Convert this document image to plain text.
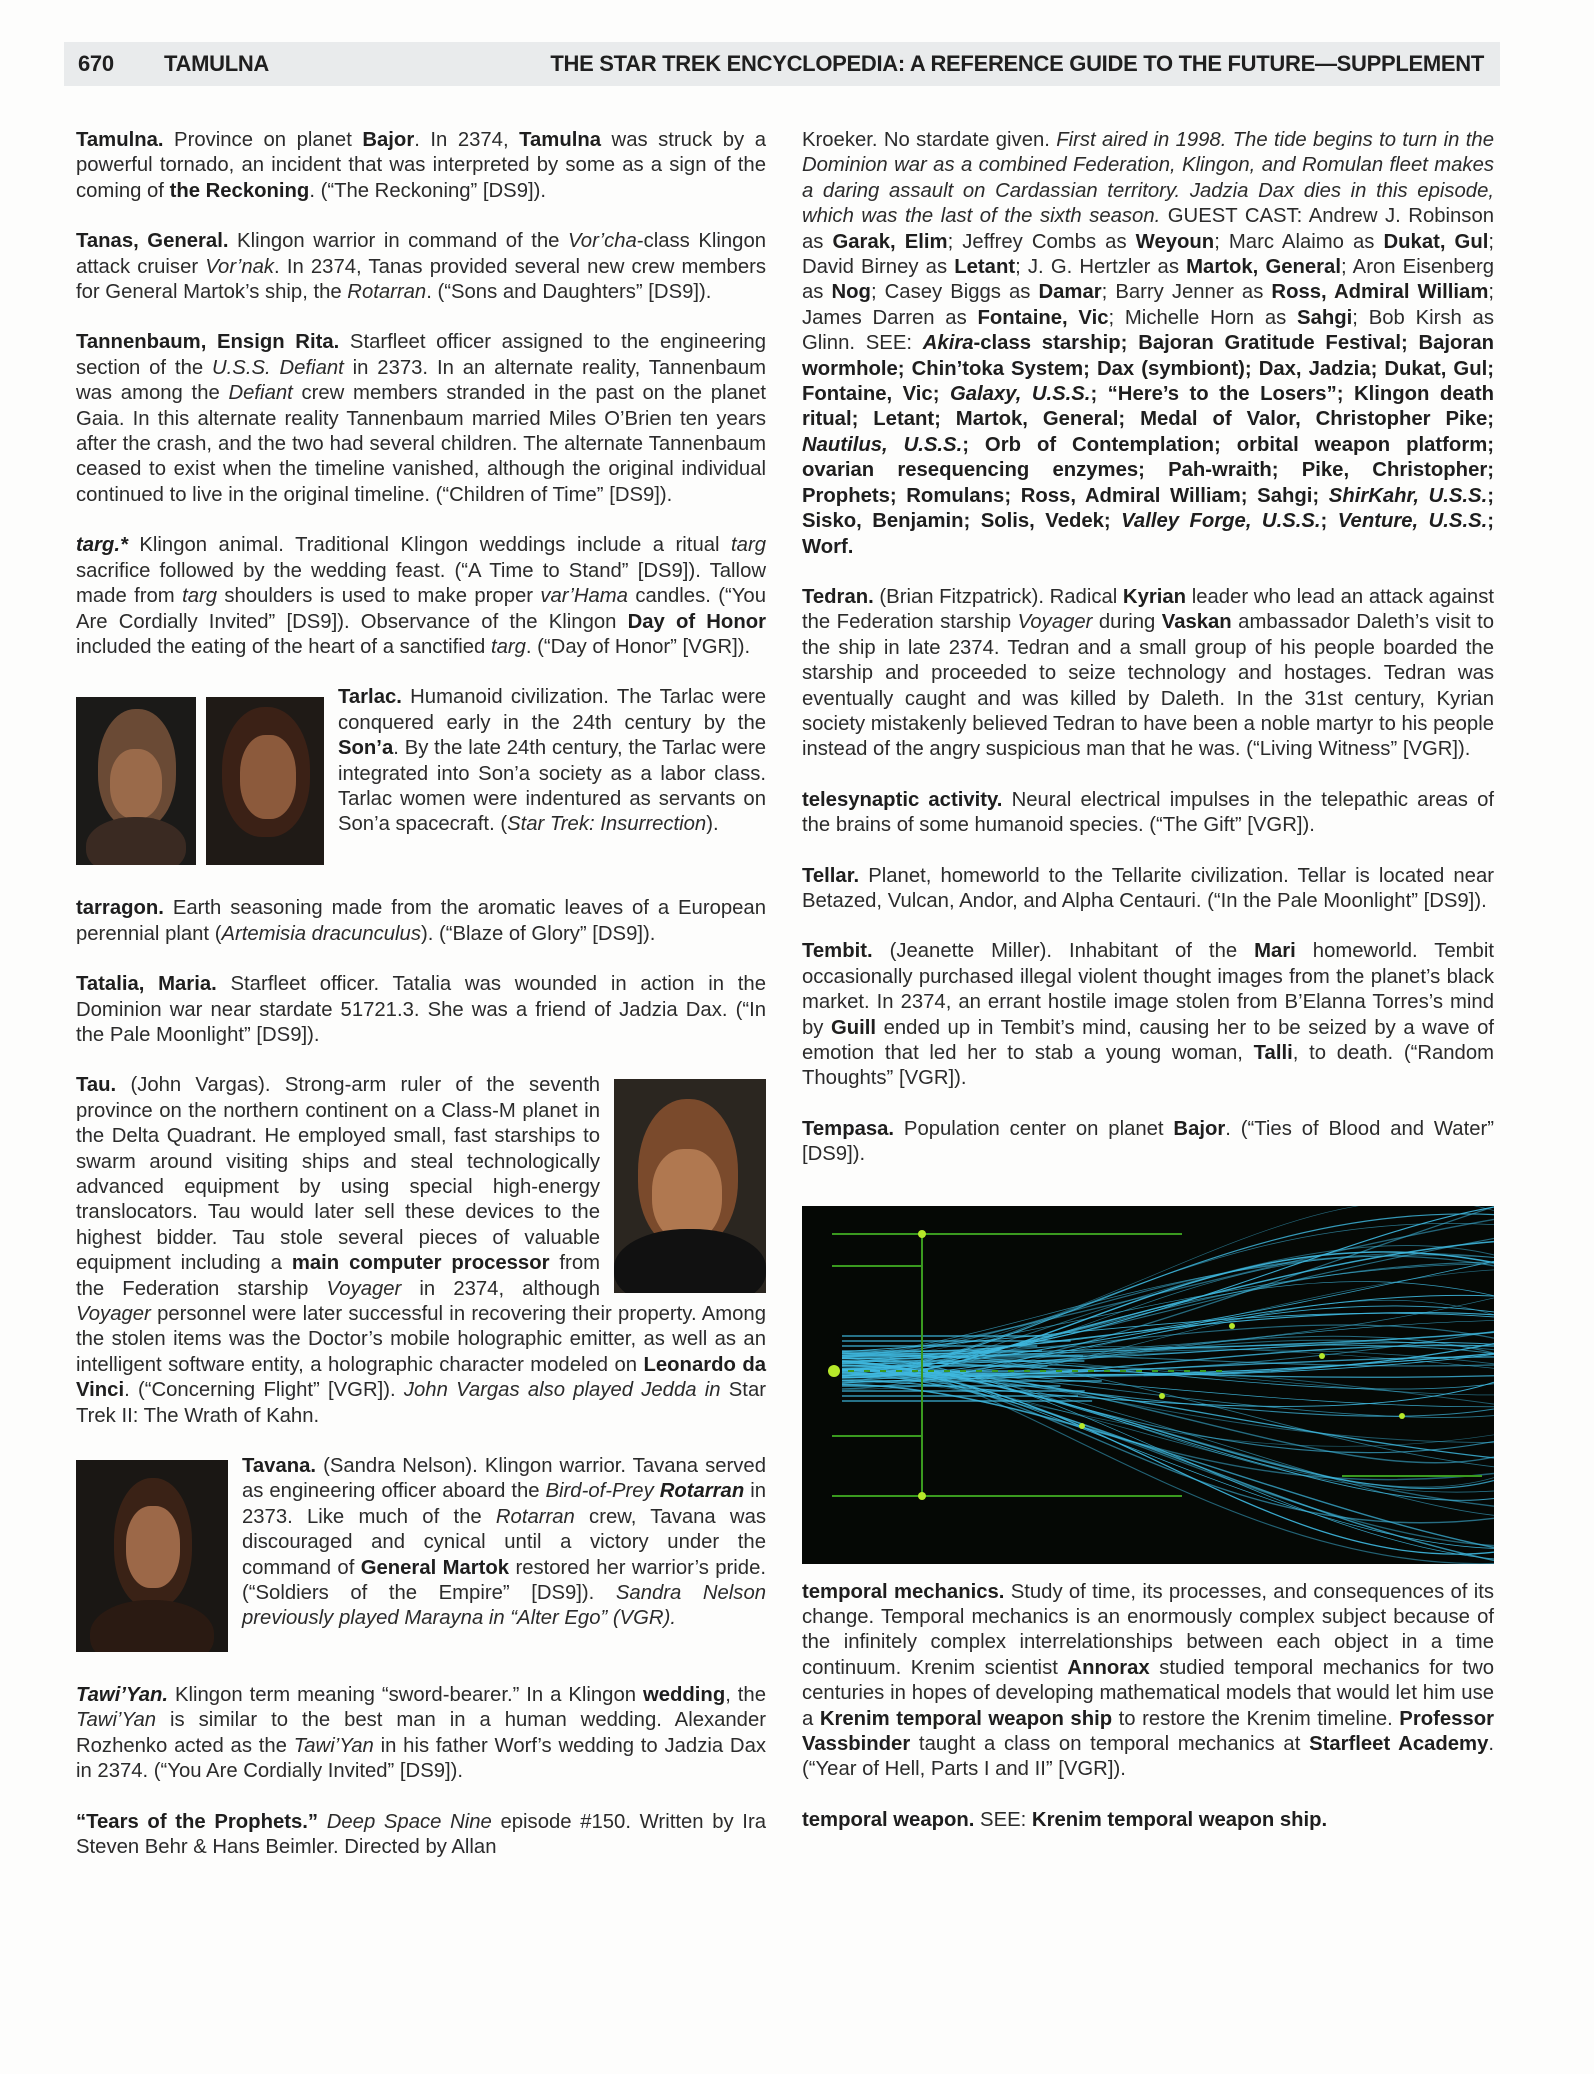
670 TAMULNA	THE STAR TREK ENCYCLOPEDIA: A REFERENCE GUIDE TO THE FUTURE—SUPPLEMENT

Tamulna. Province on planet Bajor. In 2374, Tamulna was struck by a powerful tornado, an incident that was interpreted by some as a sign of the coming of the Reckoning. (“The Reckoning” [DS9]).

Tanas, General. Klingon warrior in command of the Vor’cha-class Klingon attack cruiser Vor’nak. In 2374, Tanas provided several new crew members for General Martok’s ship, the Rotarran. (“Sons and Daughters” [DS9]).

Tannenbaum, Ensign Rita. Starfleet officer assigned to the engineering section of the U.S.S. Defiant in 2373. In an alternate reality, Tannenbaum was among the Defiant crew members stranded in the past on the planet Gaia. In this alternate reality Tannenbaum married Miles O’Brien ten years after the crash, and the two had several children. The alternate Tannenbaum ceased to exist when the timeline vanished, although the original individual continued to live in the original timeline. (“Children of Time” [DS9]).

targ.* Klingon animal. Traditional Klingon weddings include a ritual targ sacrifice followed by the wedding feast. (“A Time to Stand” [DS9]). Tallow made from targ shoulders is used to make proper var’Hama candles. (“You Are Cordially Invited” [DS9]). Observance of the Klingon Day of Honor included the eating of the heart of a sanctified targ. (“Day of Honor” [VGR]).

Tarlac. Humanoid civilization. The Tarlac were conquered early in the 24th century by the Son’a. By the late 24th century, the Tarlac were integrated into Son’a society as a labor class. Tarlac women were indentured as servants on Son’a spacecraft. (Star Trek: Insurrection).

tarragon. Earth seasoning made from the aromatic leaves of a European perennial plant (Artemisia dracunculus). (“Blaze of Glory” [DS9]).

Tatalia, Maria. Starfleet officer. Tatalia was wounded in action in the Dominion war near stardate 51721.3. She was a friend of Jadzia Dax. (“In the Pale Moonlight” [DS9]).

Tau. (John Vargas). Strong-arm ruler of the seventh province on the northern continent on a Class-M planet in the Delta Quadrant. He employed small, fast starships to swarm around visiting ships and steal technologically advanced equipment by using special high-energy translocators. Tau would later sell these devices to the highest bidder. Tau stole several pieces of valuable equipment including a main computer processor from the Federation starship Voyager in 2374, although Voyager personnel were later successful in recovering their property. Among the stolen items was the Doctor’s mobile holographic emitter, as well as an intelligent software entity, a holographic character modeled on Leonardo da Vinci. (“Concerning Flight” [VGR]). John Vargas also played Jedda in Star Trek II: The Wrath of Kahn.
Tavana. (Sandra Nelson). Klingon warrior. Tavana served as engineering officer aboard the Bird-of-Prey Rotarran in 2373. Like much of the Rotarran crew, Tavana was discouraged and cynical until a victory under the command of General Martok restored her warrior’s pride. (“Soldiers of the Empire” [DS9]). Sandra Nelson previously played Marayna in “Alter Ego” (VGR).

Tawi’Yan. Klingon term meaning “sword-bearer.” In a Klingon wedding, the Tawi’Yan is similar to the best man in a human wedding. Alexander Rozhenko acted as the Tawi’Yan in his father Worf’s wedding to Jadzia Dax in 2374. (“You Are Cordially Invited” [DS9]).

“Tears of the Prophets.” Deep Space Nine episode #150. Written by Ira Steven Behr & Hans Beimler. Directed by Allan

Kroeker. No stardate given. First aired in 1998. The tide begins to turn in the Dominion war as a combined Federation, Klingon, and Romulan fleet makes a daring assault on Cardassian territory. Jadzia Dax dies in this episode, which was the last of the sixth season. GUEST CAST: Andrew J. Robinson as Garak, Elim; Jeffrey Combs as Weyoun; Marc Alaimo as Dukat, Gul; David Birney as Letant; J. G. Hertzler as Martok, General; Aron Eisenberg as Nog; Casey Biggs as Damar; Barry Jenner as Ross, Admiral William; James Darren as Fontaine, Vic; Michelle Horn as Sahgi; Bob Kirsh as Glinn. SEE: Akira-class starship; Bajoran Gratitude Festival; Bajoran wormhole; Chin’toka System; Dax (symbiont); Dax, Jadzia; Dukat, Gul; Fontaine, Vic; Galaxy, U.S.S.; “Here’s to the Losers”; Klingon death ritual; Letant; Martok, General; Medal of Valor, Christopher Pike; Nautilus, U.S.S.; Orb of Contemplation; orbital weapon platform; ovarian resequencing enzymes; Pah-wraith; Pike, Christopher; Prophets; Romulans; Ross, Admiral William; Sahgi; ShirKahr, U.S.S.; Sisko, Benjamin; Solis, Vedek; Valley Forge, U.S.S.; Venture, U.S.S.; Worf.

Tedran. (Brian Fitzpatrick). Radical Kyrian leader who lead an attack against the Federation starship Voyager during Vaskan ambassador Daleth’s visit to the ship in late 2374. Tedran and a small group of his people boarded the starship and proceeded to seize technology and hostages. Tedran was eventually caught and was killed by Daleth. In the 31st century, Kyrian society mistakenly believed Tedran to have been a noble martyr to his people instead of the angry suspicious man that he was. (“Living Witness” [VGR]).

telesynaptic activity. Neural electrical impulses in the telepathic areas of the brains of some humanoid species. (“The Gift” [VGR]).

Tellar. Planet, homeworld to the Tellarite civilization. Tellar is located near Betazed, Vulcan, Andor, and Alpha Centauri. (“In the Pale Moonlight” [DS9]).

Tembit. (Jeanette Miller). Inhabitant of the Mari homeworld. Tembit occasionally purchased illegal violent thought images from the planet’s black market. In 2374, an errant hostile image stolen from B’Elanna Torres’s mind by Guill ended up in Tembit’s mind, causing her to be seized by a wave of emotion that led her to stab a young woman, Talli, to death. (“Random Thoughts” [VGR]).

Tempasa. Population center on planet Bajor. (“Ties of Blood and Water” [DS9]).

temporal mechanics. Study of time, its processes, and consequences of its change. Temporal mechanics is an enormously complex subject because of the infinitely complex interrelationships between each object in a time continuum. Krenim scientist Annorax studied temporal mechanics for two centuries in hopes of developing mathematical models that would let him use a Krenim temporal weapon ship to restore the Krenim timeline. Professor Vassbinder taught a class on temporal mechanics at Starfleet Academy. (“Year of Hell, Parts I and II” [VGR]).

temporal weapon. SEE: Krenim temporal weapon ship.
